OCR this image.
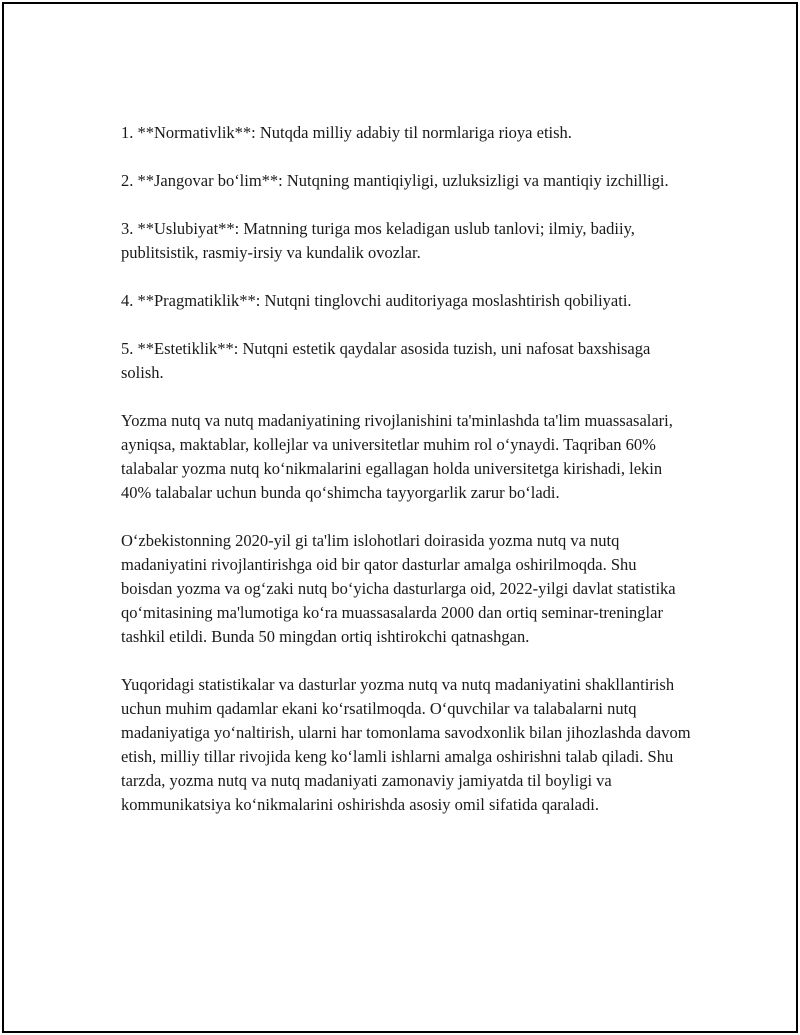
1. **Normativlik**: Nutqda milliy adabiy til normlariga rioya etish.

2. **Jangovar bo‘lim**: Nutqning mantiqiyligi, uzluksizligi va mantiqiy izchilligi.

3. **Uslubiyat**: Matnning turiga mos keladigan uslub tanlovi; ilmiy, badiiy, publitsistik, rasmiy-irsiy va kundalik ovozlar.

4. **Pragmatiklik**: Nutqni tinglovchi auditoriyaga moslashtirish qobiliyati.

5. **Estetiklik**: Nutqni estetik qaydalar asosida tuzish, uni nafosat baxshisaga solish.

Yozma nutq va nutq madaniyatining rivojlanishini ta'minlashda ta'lim muassasalari, ayniqsa, maktablar, kollejlar va universitetlar muhim rol o‘ynaydi. Taqriban 60% talabalar yozma nutq ko‘nikmalarini egallagan holda universitetga kirishadi, lekin 40% talabalar uchun bunda qo‘shimcha tayyorgarlik zarur bo‘ladi.

O‘zbekistonning 2020-yil gi ta'lim islohotlari doirasida yozma nutq va nutq madaniyatini rivojlantirishga oid bir qator dasturlar amalga oshirilmoqda. Shu boisdan yozma va og‘zaki nutq bo‘yicha dasturlarga oid, 2022-yilgi davlat statistika qo‘mitasining ma'lumotiga ko‘ra muassasalarda 2000 dan ortiq seminar-treninglar tashkil etildi. Bunda 50 mingdan ortiq ishtirokchi qatnashgan.

Yuqoridagi statistikalar va dasturlar yozma nutq va nutq madaniyatini shakllantirish uchun muhim qadamlar ekani ko‘rsatilmoqda. O‘quvchilar va talabalarni nutq madaniyatiga yo‘naltirish, ularni har tomonlama savodxonlik bilan jihozlashda davom etish, milliy tillar rivojida keng ko‘lamli ishlarni amalga oshirishni talab qiladi. Shu tarzda, yozma nutq va nutq madaniyati zamonaviy jamiyatda til boyligi va kommunikatsiya ko‘nikmalarini oshirishda asosiy omil sifatida qaraladi.
